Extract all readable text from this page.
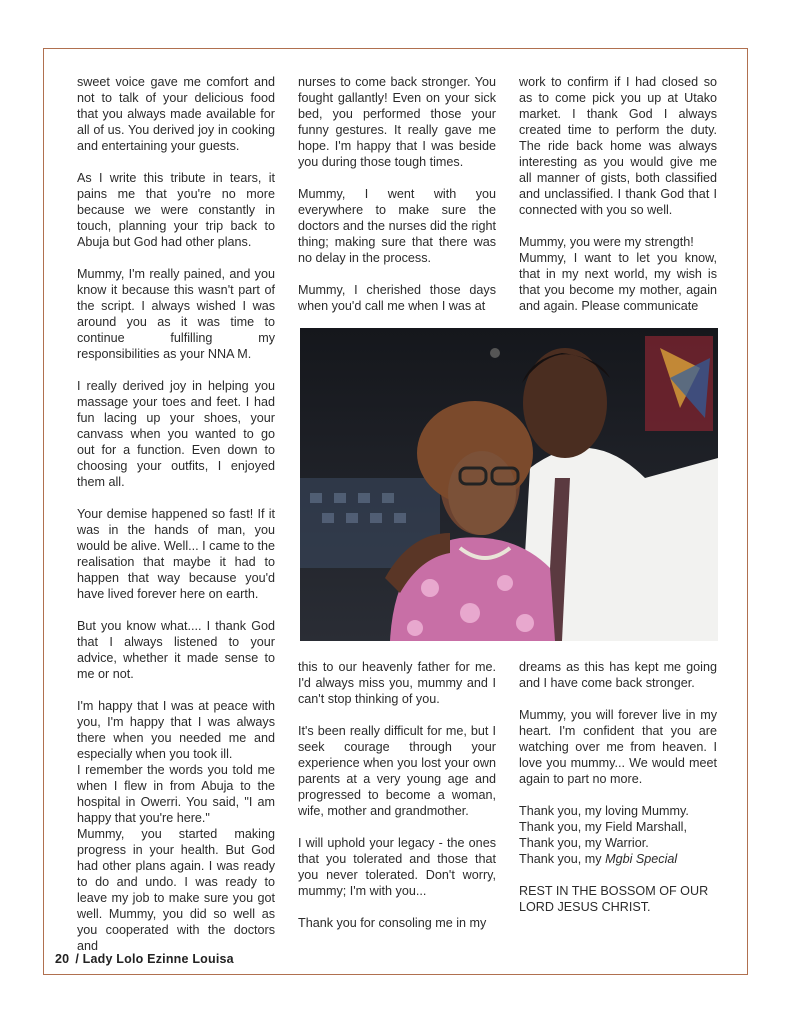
sweet voice gave me comfort and not to talk of your delicious food that you always made available for all of us. You derived joy in cooking and entertaining your guests.

As I write this tribute in tears, it pains me that you're no more because we were constantly in touch, planning your trip back to Abuja but God had other plans.

Mummy, I'm really pained, and you know it because this wasn't part of the script. I always wished I was around you as it was time to continue fulfilling my responsibilities as your NNA M.

I really derived joy in helping you massage your toes and feet. I had fun lacing up your shoes, your canvass when you wanted to go out for a function. Even down to choosing your outfits, I enjoyed them all.

Your demise happened so fast! If it was in the hands of man, you would be alive. Well... I came to the realisation that maybe it had to happen that way because you'd have lived forever here on earth.

But you know what.... I thank God that I always listened to your advice, whether it made sense to me or not.

I'm happy that I was at peace with you, I'm happy that I was always there when you needed me and especially when you took ill.

I remember the words you told me when I flew in from Abuja to the hospital in Owerri. You said, "I am happy that you're here."

Mummy, you started making progress in your health. But God had other plans again. I was ready to do and undo. I was ready to leave my job to make sure you got well. Mummy, you did so well as you cooperated with the doctors and

nurses to come back stronger. You fought gallantly! Even on your sick bed, you performed those your funny gestures. It really gave me hope. I'm happy that I was beside you during those tough times.

Mummy, I went with you everywhere to make sure the doctors and the nurses did the right thing; making sure that there was no delay in the process.

Mummy, I cherished those days when you'd call me when I was at

work to confirm if I had closed so as to come pick you up at Utako market. I thank God I always created time to perform the duty. The ride back home was always interesting as you would give me all manner of gists, both classified and unclassified. I thank God that I connected with you so well.

Mummy, you were my strength!

Mummy, I want to let you know, that in my next world, my wish is that you become my mother, again and again. Please communicate

this to our heavenly father for me. I'd always miss you, mummy and I can't stop thinking of you.

It's been really difficult for me, but I seek courage through your experience when you lost your own parents at a very young age and progressed to become a woman, wife, mother and grandmother.

I will uphold your legacy - the ones that you tolerated and those that you never tolerated. Don't worry, mummy; I'm with you...

Thank you for consoling me in my

dreams as this has kept me going and I have come back stronger.

Mummy, you will forever live in my heart. I'm confident that you are watching over me from heaven. I love you mummy... We would meet again to part no more.

Thank you, my loving Mummy.
Thank you, my Field Marshall,
Thank you, my Warrior.
Thank you, my Mgbi Special

REST IN THE BOSSOM OF OUR LORD JESUS CHRIST.

20 / Lady Lolo Ezinne Louisa
